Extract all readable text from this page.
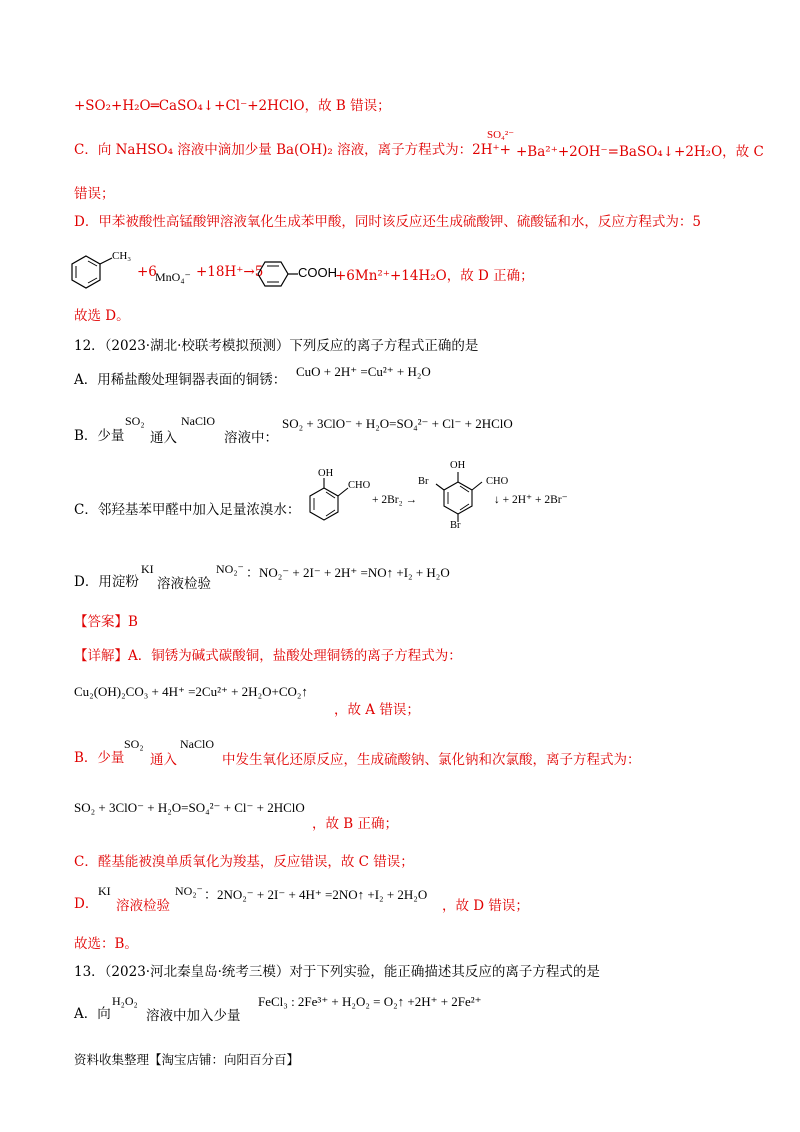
+SO₂+H₂O═CaSO₄↓+Cl⁻+2HClO，故 B 错误；
C．向 NaHSO₄ 溶液中滴加少量 Ba(OH)₂ 溶液，离子方程式为：2H⁺+
SO₄²⁻
+Ba²⁺+2OH⁻=BaSO₄↓+2H₂O，故 C
错误；
D．甲苯被酸性高锰酸钾溶液氧化生成苯甲酸，同时该反应还生成硫酸钾、硫酸锰和水，反应方程式为：5
CH₃
+6
MnO₄⁻ +18H⁺→5	COOH
+6Mn²⁺+14H₂O，故 D 正确；
故选 D。
12．（2023·湖北·校联考模拟预测）下列反应的离子方程式正确的是
A．用稀盐酸处理铜器表面的铜锈：
CuO + 2H⁺ =Cu²⁺ + H₂O
B．少量
SO₂
通入
NaClO
溶液中：
SO₂ + 3ClO⁻ + H₂O=SO₄²⁻ + Cl⁻ + 2HClO
C．邻羟基苯甲醛中加入足量浓溴水：
OH
CHO
+ 2Br₂ →
OH
Br	CHO
Br
↓ + 2H⁺ + 2Br⁻
D．用淀粉
KI
溶液检验
NO₂⁻ ：NO₂⁻ + 2I⁻ + 2H⁺ =NO↑ +I₂ + H₂O
【答案】B
【详解】A．铜锈为碱式碳酸铜，盐酸处理铜锈的离子方程式为：
Cu₂(OH)₂CO₃ + 4H⁺ =2Cu²⁺ + 2H₂O+CO₂↑
，故 A 错误；
B．少量
SO₂
通入
NaClO
中发生氧化还原反应，生成硫酸钠、氯化钠和次氯酸，离子方程式为：
SO₂ + 3ClO⁻ + H₂O=SO₄²⁻ + Cl⁻ + 2HClO
，故 B 正确；
C．醛基能被溴单质氧化为羧基，反应错误，故 C 错误；
D．
KI
溶液检验
NO₂⁻ ：2NO₂⁻ + 2I⁻ + 4H⁺ =2NO↑ +I₂ + 2H₂O
，故 D 错误；
故选：B。
13．（2023·河北秦皇岛·统考三模）对于下列实验，能正确描述其反应的离子方程式的是
A．向
H₂O₂
溶液中加入少量
FeCl₃ : 2Fe³⁺ + H₂O₂ = O₂↑ +2H⁺ + 2Fe²⁺
资料收集整理【淘宝店铺：向阳百分百】
